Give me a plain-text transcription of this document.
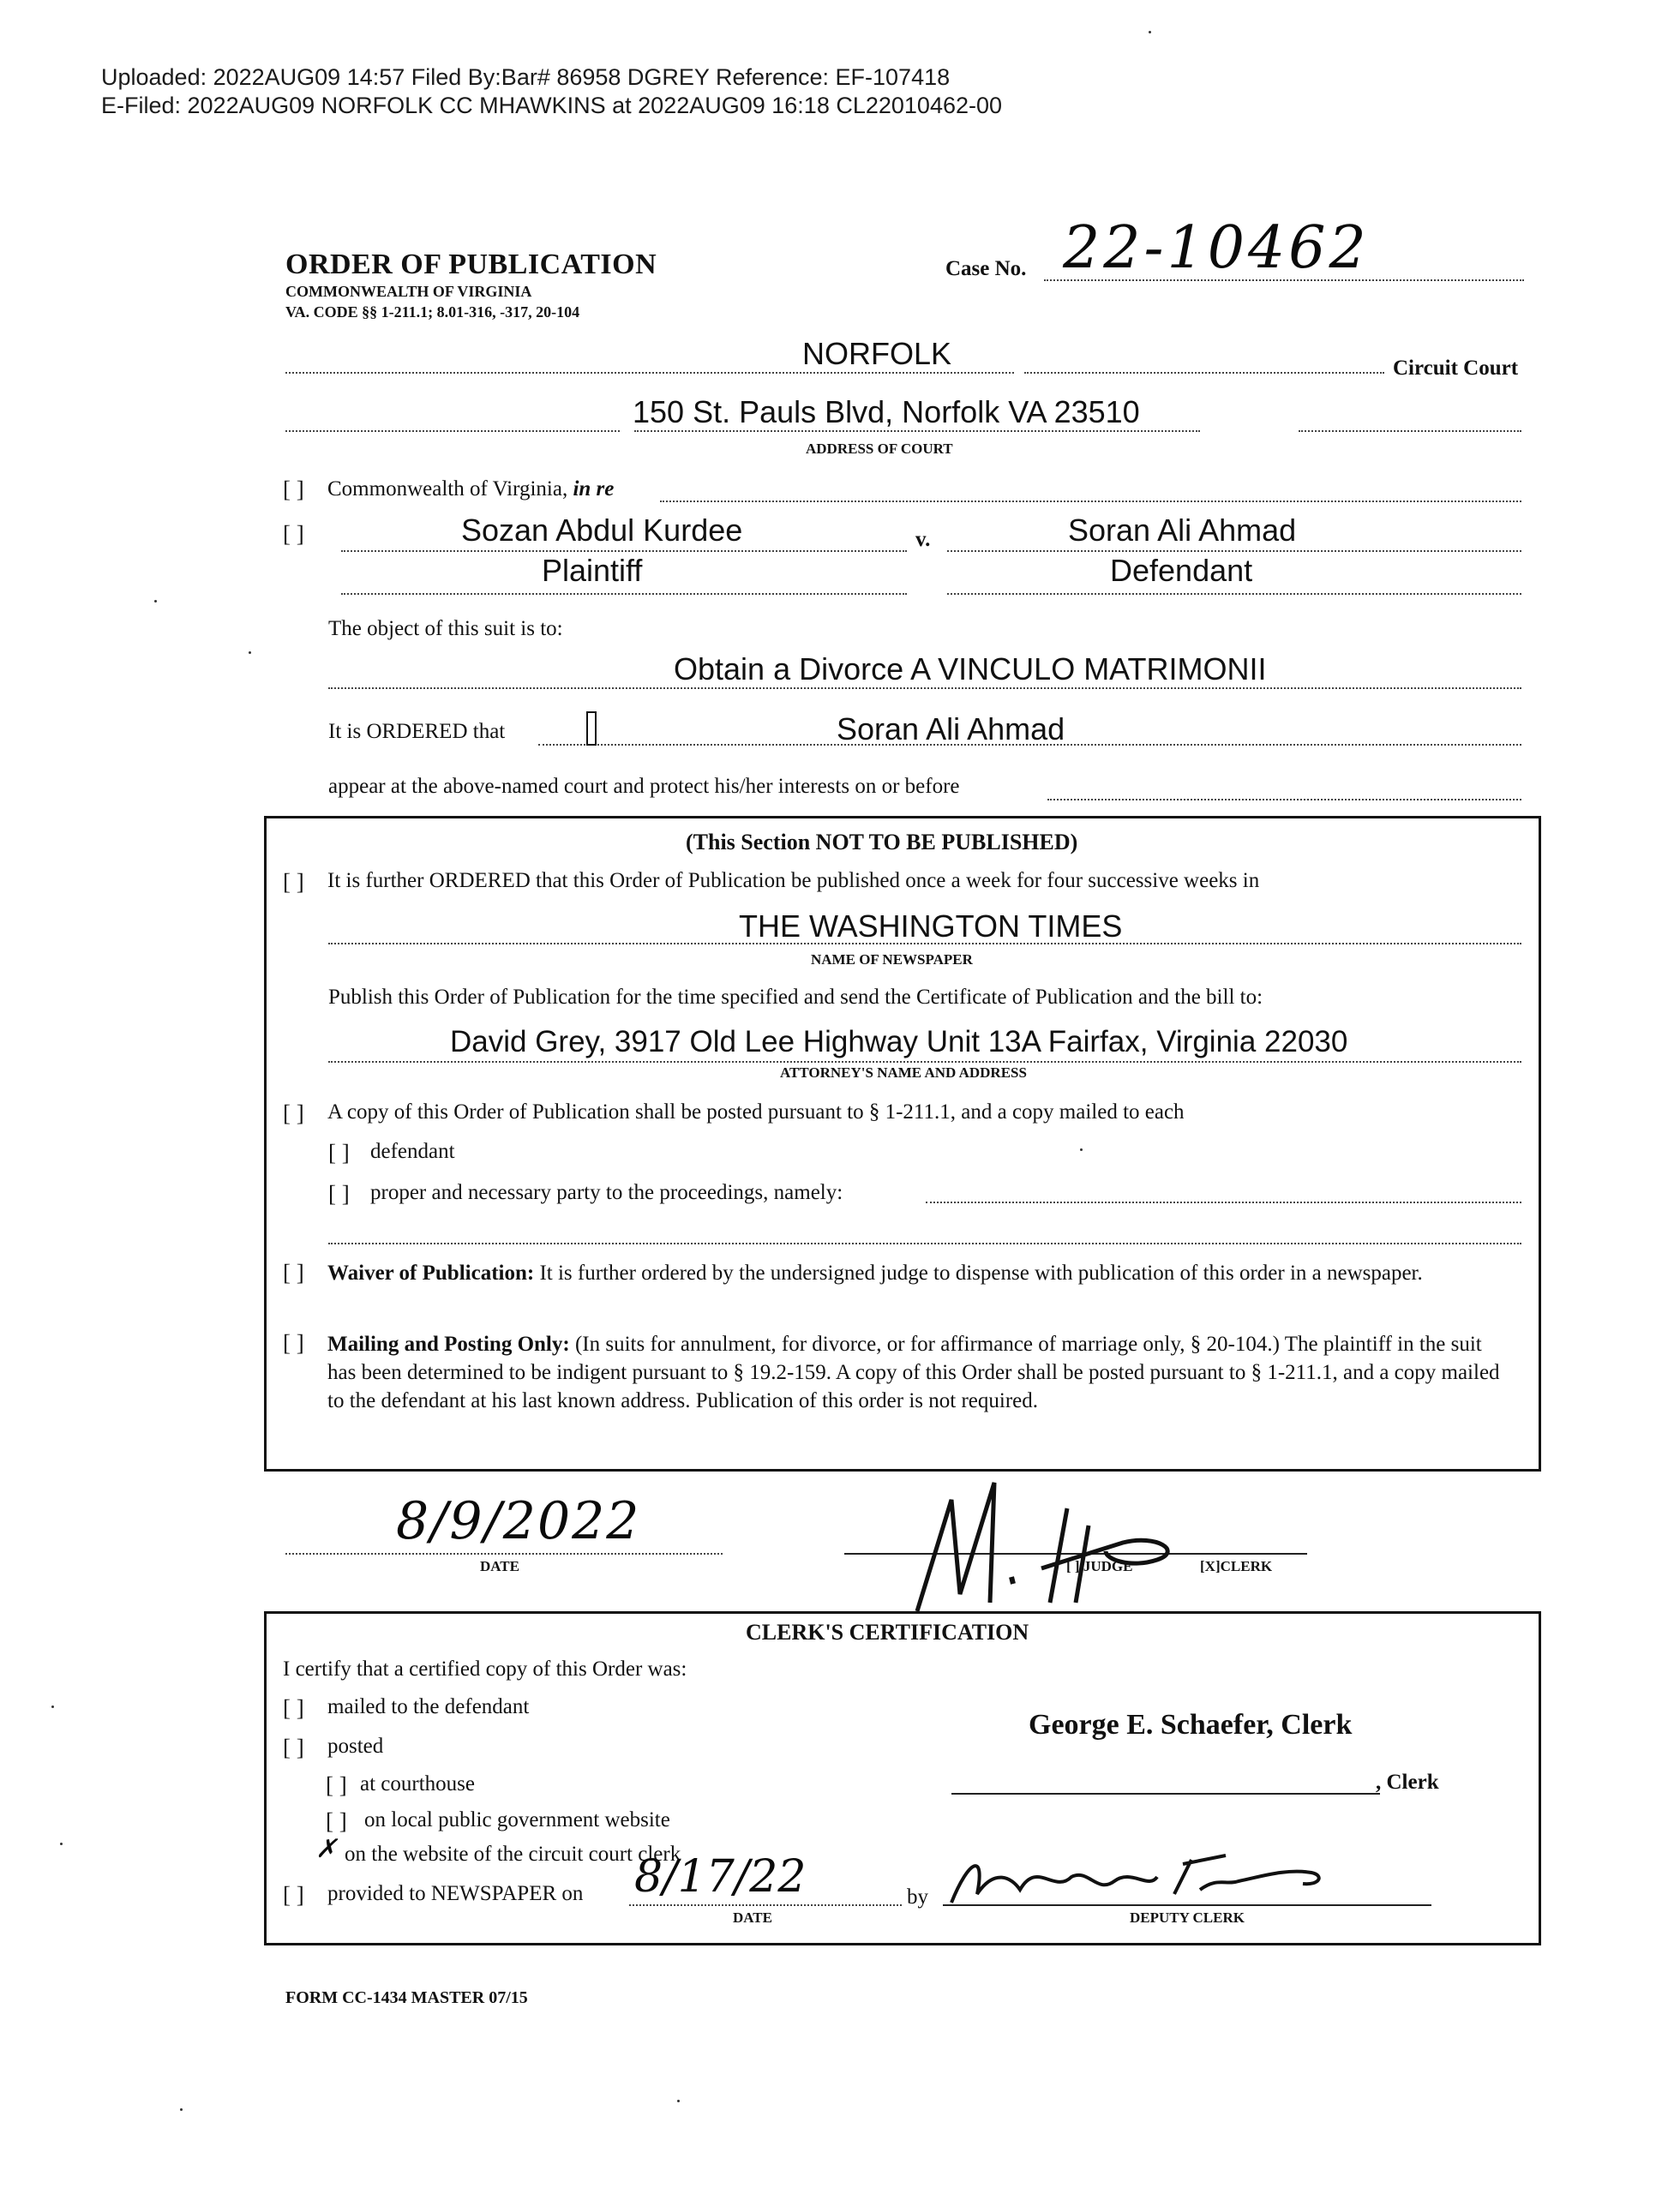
Uploaded: 2022AUG09 14:57 Filed By:Bar# 86958 DGREY Reference: EF-107418
E-Filed: 2022AUG09 NORFOLK CC MHAWKINS at 2022AUG09 16:18 CL22010462-00
ORDER OF PUBLICATION
COMMONWEALTH OF VIRGINIA
VA. CODE §§ 1-211.1; 8.01-316, -317, 20-104
Case No. 22-10462
NORFOLK	Circuit Court
150 St. Pauls Blvd, Norfolk VA 23510
ADDRESS OF COURT
[ ] Commonwealth of Virginia, in re
[ ]	Sozan Abdul Kurdee	v.	Soran Ali Ahmad
Plaintiff	Defendant
The object of this suit is to:
Obtain a Divorce A VINCULO MATRIMONII
It is ORDERED that	Soran Ali Ahmad
appear at the above-named court and protect his/her interests on or before
(This Section NOT TO BE PUBLISHED)
[ ] It is further ORDERED that this Order of Publication be published once a week for four successive weeks in
THE WASHINGTON TIMES
NAME OF NEWSPAPER
Publish this Order of Publication for the time specified and send the Certificate of Publication and the bill to:
David Grey, 3917 Old Lee Highway Unit 13A Fairfax, Virginia 22030
ATTORNEY'S NAME AND ADDRESS
[ ] A copy of this Order of Publication shall be posted pursuant to § 1-211.1, and a copy mailed to each
[ ] defendant
[ ] proper and necessary party to the proceedings, namely:
[ ] Waiver of Publication: It is further ordered by the undersigned judge to dispense with publication of this order in a newspaper.
[ ] Mailing and Posting Only: (In suits for annulment, for divorce, or for affirmance of marriage only, § 20-104.) The plaintiff in the suit has been determined to be indigent pursuant to § 19.2-159. A copy of this Order shall be posted pursuant to § 1-211.1, and a copy mailed to the defendant at his last known address. Publication of this order is not required.
8/9/2022
DATE	[ ] JUDGE	[X]CLERK
CLERK'S CERTIFICATION
I certify that a certified copy of this Order was:
[ ] mailed to the defendant
[ ] posted
[ ] at courthouse
[ ] on local public government website
✗ on the website of the circuit court clerk
[ ] provided to NEWSPAPER on 8/17/22
DATE
by
DEPUTY CLERK
George E. Schaefer, Clerk
, Clerk
FORM CC-1434 MASTER 07/15
